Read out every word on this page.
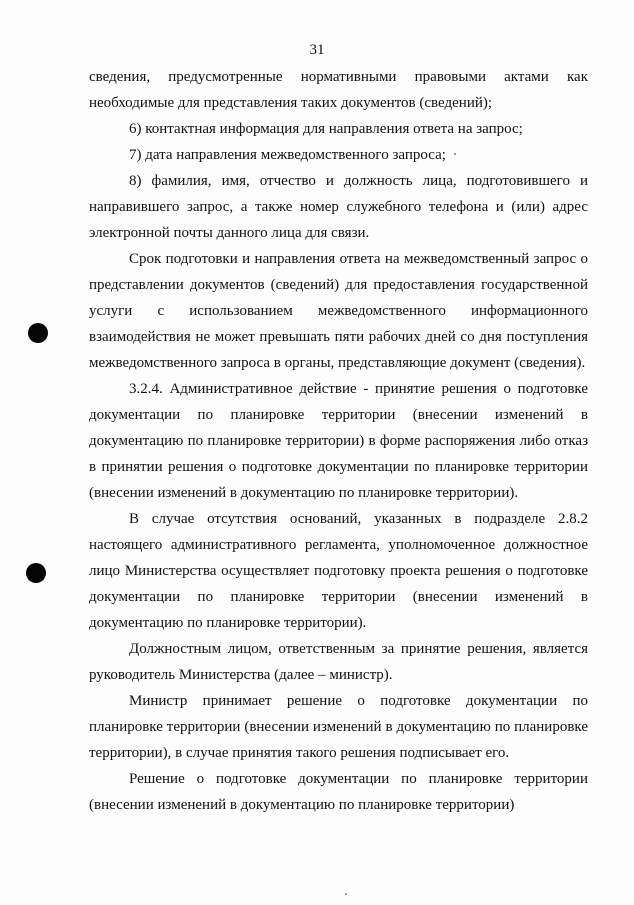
31

сведения, предусмотренные нормативными правовыми актами как необходимые для представления таких документов (сведений);

6) контактная информация для направления ответа на запрос;

7) дата направления межведомственного запроса;

8) фамилия, имя, отчество и должность лица, подготовившего и направившего запрос, а также номер служебного телефона и (или) адрес электронной почты данного лица для связи.

Срок подготовки и направления ответа на межведомственный запрос о представлении документов (сведений) для предоставления государственной услуги с использованием межведомственного информационного взаимодействия не может превышать пяти рабочих дней со дня поступления межведомственного запроса в органы, представляющие документ (сведения).

3.2.4. Административное действие - принятие решения о подготовке документации по планировке территории (внесении изменений в документацию по планировке территории) в форме распоряжения либо отказ в принятии решения о подготовке документации по планировке территории (внесении изменений в документацию по планировке территории).

В случае отсутствия оснований, указанных в подразделе 2.8.2 настоящего административного регламента, уполномоченное должностное лицо Министерства осуществляет подготовку проекта решения о подготовке документации по планировке территории (внесении изменений в документацию по планировке территории).

Должностным лицом, ответственным за принятие решения, является руководитель Министерства (далее – министр).

Министр принимает решение о подготовке документации по планировке территории (внесении изменений в документацию по планировке территории), в случае принятия такого решения подписывает его.

Решение о подготовке документации по планировке территории (внесении изменений в документацию по планировке территории)
